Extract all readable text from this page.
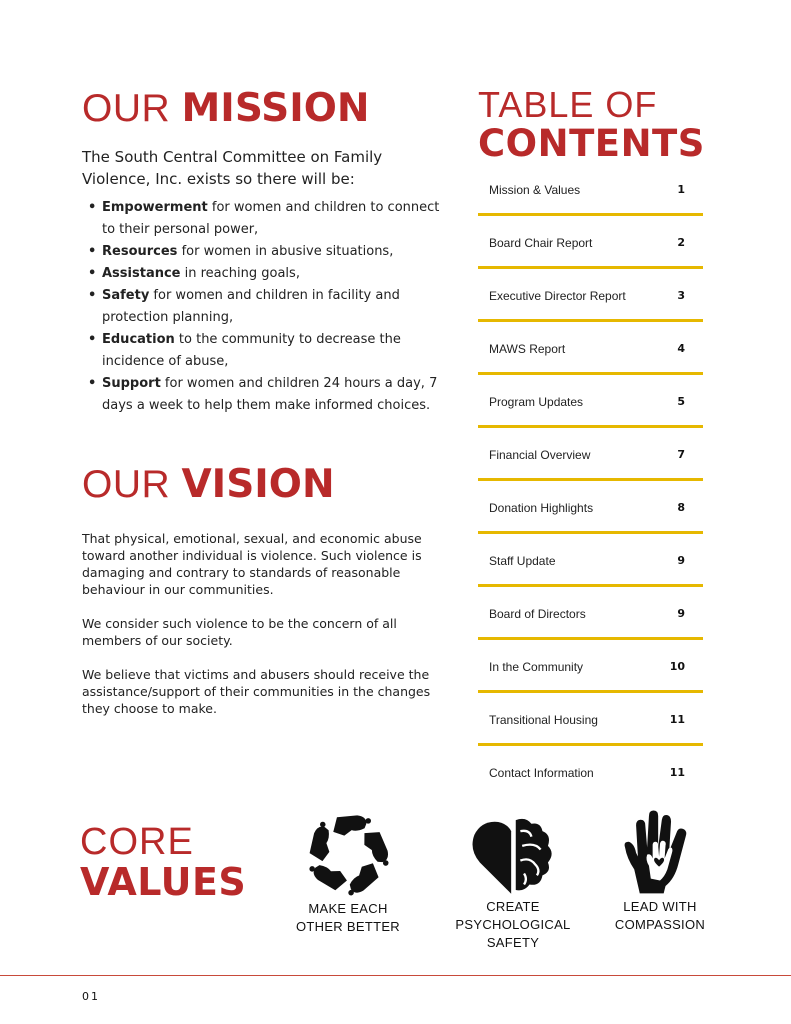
OUR MISSION

The South Central Committee on Family Violence, Inc. exists so there will be:

• Empowerment for women and children to connect to their personal power,
• Resources for women in abusive situations,
• Assistance in reaching goals,
• Safety for women and children in facility and protection planning,
• Education to the community to decrease the incidence of abuse,
• Support for women and children 24 hours a day, 7 days a week to help them make informed choices.
OUR VISION

That physical, emotional, sexual, and economic abuse toward another individual is violence. Such violence is damaging and contrary to standards of reasonable behaviour in our communities.

We consider such violence to be the concern of all members of our society.

We believe that victims and abusers should receive the assistance/support of their communities in the changes they choose to make.

TABLE OF
CONTENTS
Mission & Values	1
Board Chair Report	2
Executive Director Report	3
MAWS Report	4
Program Updates	5
Financial Overview	7
Donation Highlights	8
Staff Update	9
Board of Directors	9
In the Community	10
Transitional Housing	11
Contact Information	11
CORE
VALUES
MAKE EACH
OTHER BETTER
CREATE
PSYCHOLOGICAL
SAFETY
LEAD WITH
COMPASSION
01
